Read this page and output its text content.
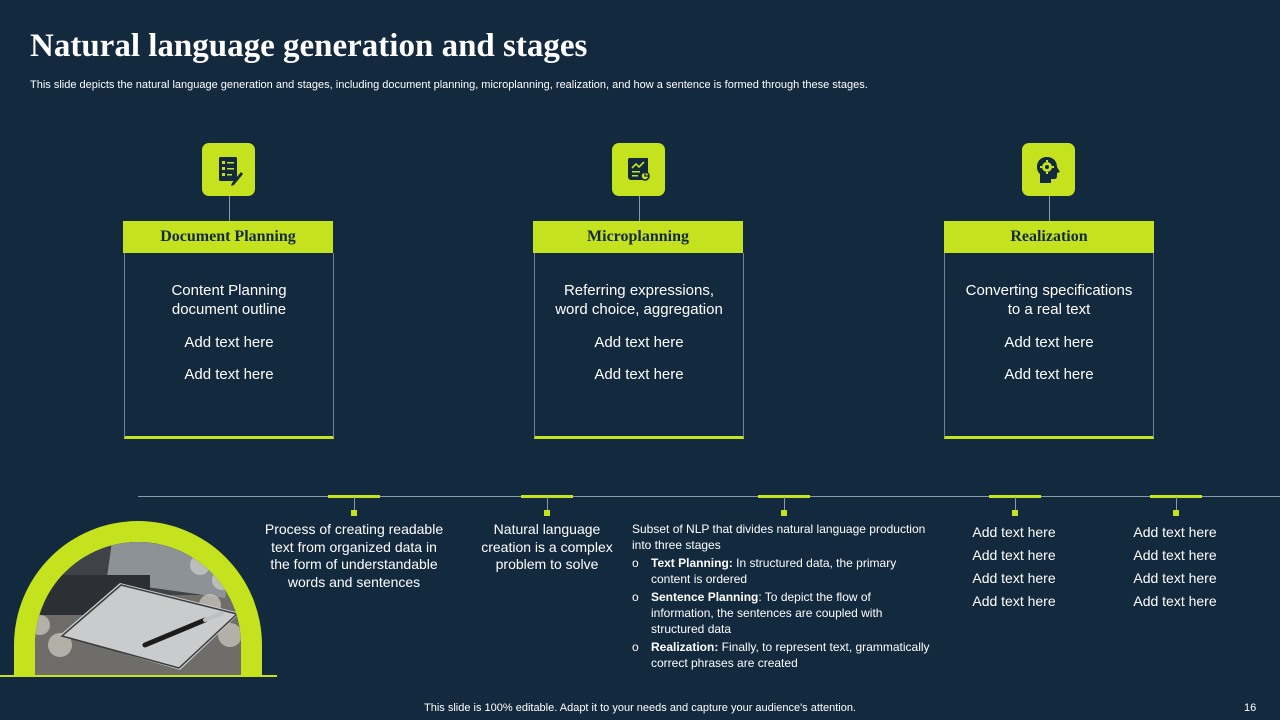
Natural language generation and stages
This slide depicts the natural language generation and stages, including document planning, microplanning, realization, and how a sentence is formed through these stages.
Document Planning
Content Planning document outline
Add text here
Add text here
Microplanning
Referring expressions, word choice, aggregation
Add text here
Add text here
Realization
Converting specifications to a real text
Add text here
Add text here
Process of creating readable text from organized data in the form of understandable words and sentences
Natural language creation is a complex problem to solve
Subset of NLP that divides natural language production into three stages
o Text Planning: In structured data, the primary content is ordered
o Sentence Planning: To depict the flow of information, the sentences are coupled with structured data
o Realization: Finally, to represent text, grammatically correct phrases are created
Add text here
Add text here
Add text here
Add text here
Add text here
Add text here
Add text here
Add text here
This slide is 100% editable. Adapt it to your needs and capture your audience's attention.	16
